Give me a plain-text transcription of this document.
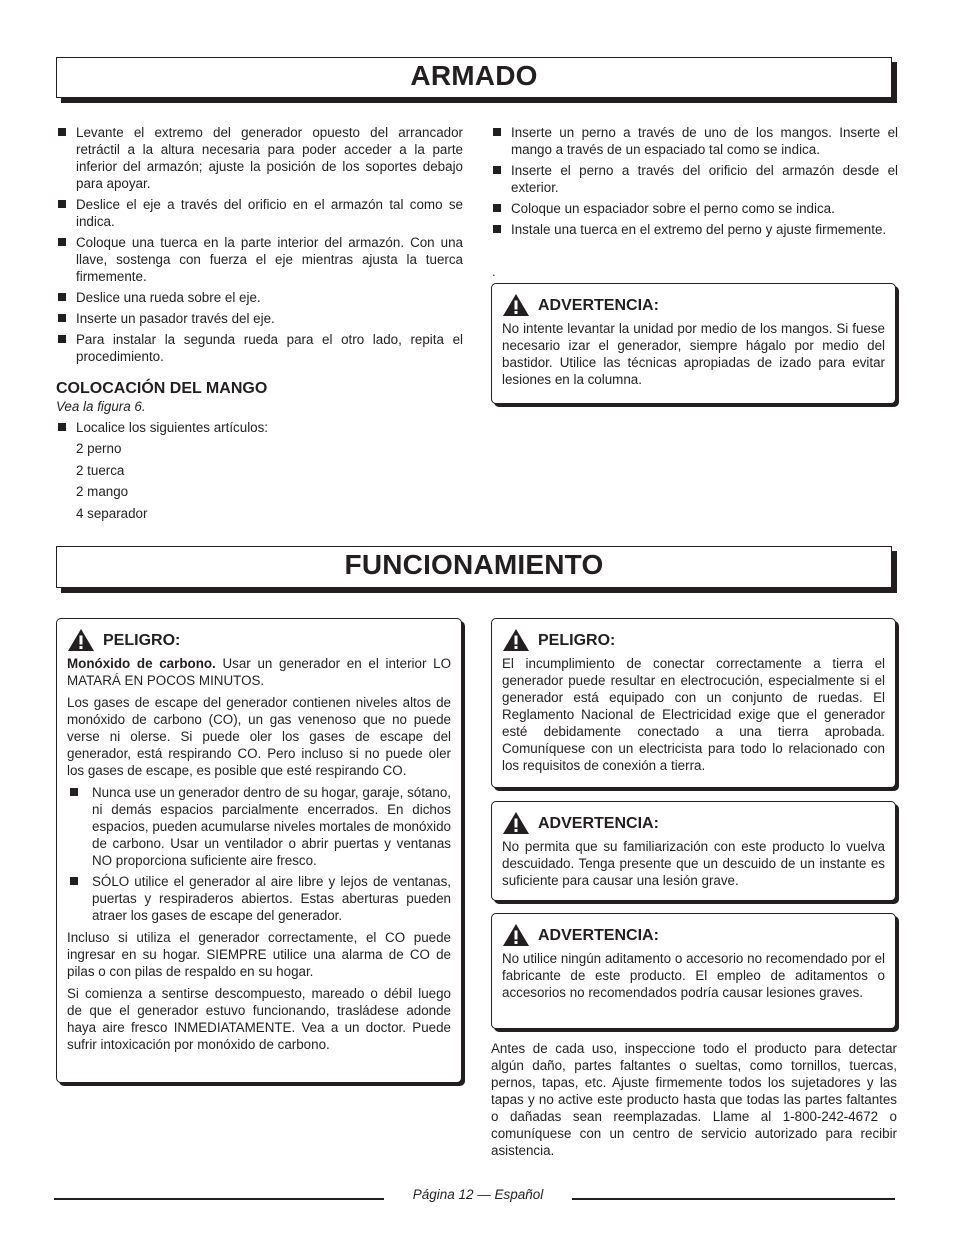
ARMADO
Levante el extremo del generador opuesto del arrancador retráctil a la altura necesaria para poder acceder a la parte inferior del armazón; ajuste la posición de los soportes debajo para apoyar.
Deslice el eje a través del orificio en el armazón tal como se indica.
Coloque una tuerca en la parte interior del armazón. Con una llave, sostenga con fuerza el eje mientras ajusta la tuerca firmemente.
Deslice una rueda sobre el eje.
Inserte un pasador través del eje.
Para instalar la segunda rueda para el otro lado, repita el procedimiento.

COLOCACIÓN DEL MANGO

Vea la figura 6.

Localice los siguientes artículos:
2 perno
2 tuerca
2 mango
4 separador
Inserte un perno a través de uno de los mangos. Inserte el mango a través de un espaciado tal como se indica.
Inserte el perno a través del orificio del armazón desde el exterior.
Coloque un espaciador sobre el perno como se indica.
Instale una tuerca en el extremo del perno y ajuste firmemente.
.
ADVERTENCIA:

No intente levantar la unidad por medio de los mangos. Si fuese necesario izar el generador, siempre hágalo por medio del bastidor. Utilice las técnicas apropiadas de izado para evitar lesiones en la columna.

FUNCIONAMIENTO
PELIGRO:

Monóxido de carbono. Usar un generador en el interior LO MATARÁ EN POCOS MINUTOS.

Los gases de escape del generador contienen niveles altos de monóxido de carbono (CO), un gas venenoso que no puede verse ni olerse. Si puede oler los gases de escape del generador, está respirando CO. Pero incluso si no puede oler los gases de escape, es posible que esté respirando CO.

Nunca use un generador dentro de su hogar, garaje, sótano, ni demás espacios parcialmente encerrados. En dichos espacios, pueden acumularse niveles mortales de monóxido de carbono. Usar un ventilador o abrir puertas y ventanas NO proporciona suficiente aire fresco.
SÓLO utilice el generador al aire libre y lejos de ventanas, puertas y respiraderos abiertos. Estas aberturas pueden atraer los gases de escape del generador.

Incluso si utiliza el generador correctamente, el CO puede ingresar en su hogar. SIEMPRE utilice una alarma de CO de pilas o con pilas de respaldo en su hogar.

Si comienza a sentirse descompuesto, mareado o débil luego de que el generador estuvo funcionando, trasládese adonde haya aire fresco INMEDIATAMENTE. Vea a un doctor. Puede sufrir intoxicación por monóxido de carbono.

PELIGRO:

El incumplimiento de conectar correctamente a tierra el generador puede resultar en electrocución, especialmente si el generador está equipado con un conjunto de ruedas. El Reglamento Nacional de Electricidad exige que el generador esté debidamente conectado a una tierra aprobada. Comuníquese con un electricista para todo lo relacionado con los requisitos de conexión a tierra.

ADVERTENCIA:

No permita que su familiarización con este producto lo vuelva descuidado. Tenga presente que un descuido de un instante es suficiente para causar una lesión grave.

ADVERTENCIA:

No utilice ningún aditamento o accesorio no recomendado por el fabricante de este producto. El empleo de aditamentos o accesorios no recomendados podría causar lesiones graves.

Antes de cada uso, inspeccione todo el producto para detectar algún daño, partes faltantes o sueltas, como tornillos, tuercas, pernos, tapas, etc. Ajuste firmemente todos los sujetadores y las tapas y no active este producto hasta que todas las partes faltantes o dañadas sean reemplazadas. Llame al 1-800-242-4672 o comuníquese con un centro de servicio autorizado para recibir asistencia.

Página 12 — Español
